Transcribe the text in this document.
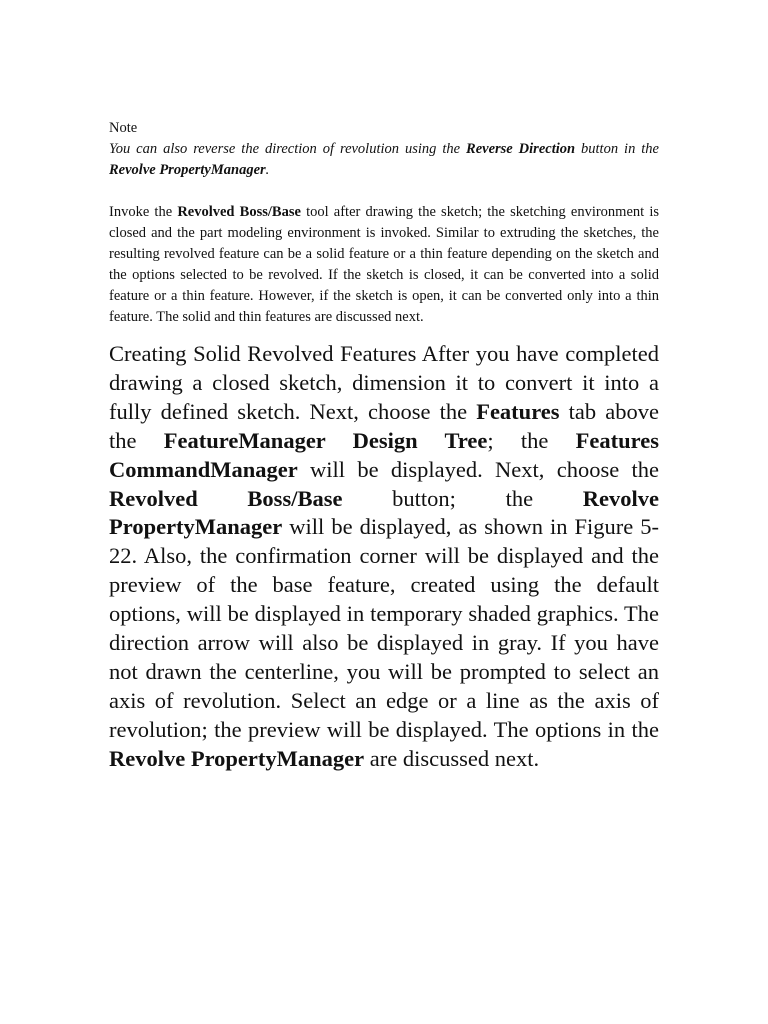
Note

You can also reverse the direction of revolution using the Reverse Direction button in the Revolve PropertyManager.

Invoke the Revolved Boss/Base tool after drawing the sketch; the sketching environment is closed and the part modeling environment is invoked. Similar to extruding the sketches, the resulting revolved feature can be a solid feature or a thin feature depending on the sketch and the options selected to be revolved. If the sketch is closed, it can be converted into a solid feature or a thin feature. However, if the sketch is open, it can be converted only into a thin feature. The solid and thin features are discussed next.

Creating Solid Revolved Features After you have completed drawing a closed sketch, dimension it to convert it into a fully defined sketch. Next, choose the Features tab above the FeatureManager Design Tree; the Features CommandManager will be displayed. Next, choose the Revolved Boss/Base button; the Revolve PropertyManager will be displayed, as shown in Figure 5-22. Also, the confirmation corner will be displayed and the preview of the base feature, created using the default options, will be displayed in temporary shaded graphics. The direction arrow will also be displayed in gray. If you have not drawn the centerline, you will be prompted to select an axis of revolution. Select an edge or a line as the axis of revolution; the preview will be displayed. The options in the Revolve PropertyManager are discussed next.
